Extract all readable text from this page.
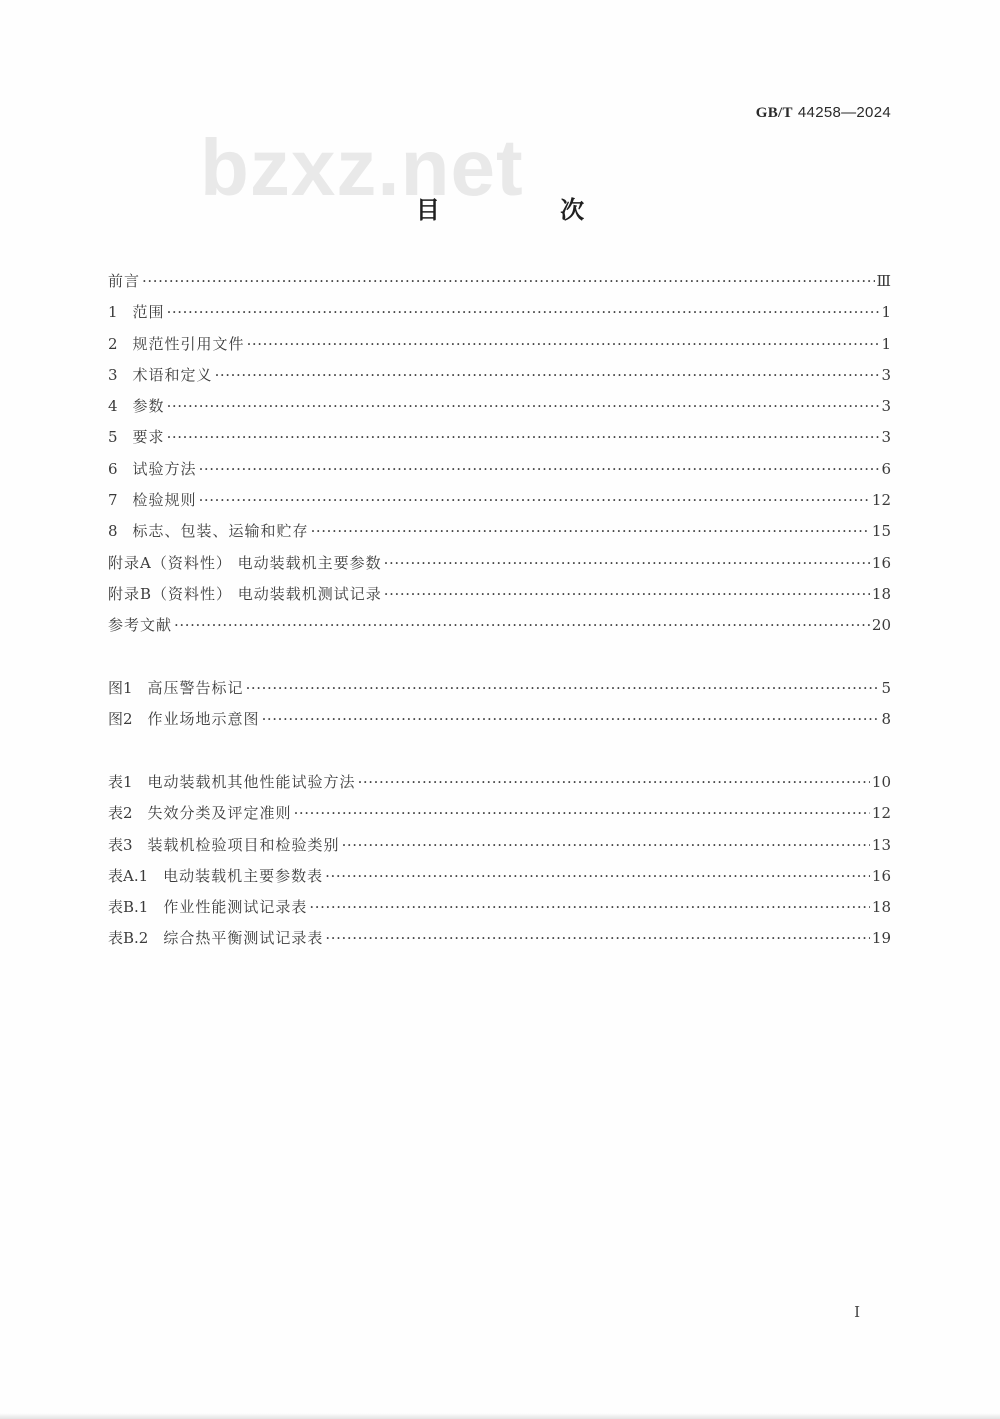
GB/T 44258—2024
bzxz.net
目 次
前言 ·····	Ⅲ
1 范围 ·····	1
2 规范性引用文件 ·····	1
3 术语和定义 ·····	3
4 参数 ·····	3
5 要求 ·····	3
6 试验方法 ·····	6
7 检验规则 ·····	12
8 标志、包装、运输和贮存 ·····	15
附录A（资料性） 电动装载机主要参数 ·····	16
附录B（资料性） 电动装载机测试记录 ·····	18
参考文献 ·····	20
图1 高压警告标记 ·····	5
图2 作业场地示意图 ·····	8
表1 电动装载机其他性能试验方法 ·····	10
表2 失效分类及评定准则 ·····	12
表3 装载机检验项目和检验类别 ·····	13
表A.1 电动装载机主要参数表 ·····	16
表B.1 作业性能测试记录表 ·····	18
表B.2 综合热平衡测试记录表 ·····	19
I
